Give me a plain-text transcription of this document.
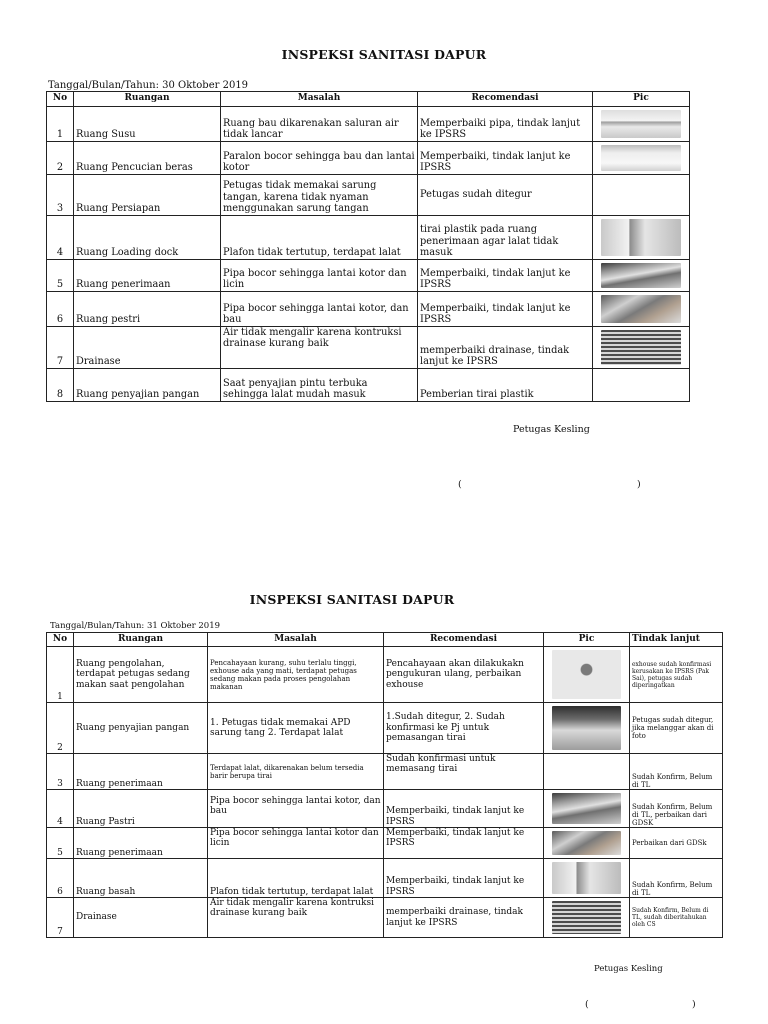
INSPEKSI SANITASI DAPUR
Tanggal/Bulan/Tahun: 30 Oktober 2019
No	Ruangan	Masalah	Recomendasi	Pic
1	Ruang Susu	Ruang bau dikarenakan saluran air tidak lancar	Memperbaiki pipa, tindak lanjut ke IPSRS	

2	Ruang Pencucian beras	Paralon bocor sehingga bau dan lantai kotor	Memperbaiki, tindak lanjut ke IPSRS	

3	Ruang Persiapan	Petugas tidak memakai sarung tangan, karena tidak nyaman menggunakan sarung tangan	Petugas sudah ditegur	
4	Ruang Loading dock	Plafon tidak tertutup, terdapat lalat	tirai plastik pada ruang penerimaan agar lalat tidak masuk	

5	Ruang penerimaan	Pipa bocor sehingga lantai kotor dan licin	Memperbaiki, tindak lanjut ke IPSRS	

6	Ruang pestri	Pipa bocor sehingga lantai kotor, dan bau	Memperbaiki, tindak lanjut ke IPSRS	

7	Drainase	Air tidak mengalir karena kontruksi drainase kurang baik	memperbaiki drainase, tindak lanjut ke IPSRS	

8	Ruang penyajian pangan	Saat penyajian pintu terbuka sehingga lalat mudah masuk	Pemberian tirai plastik	
Petugas Kesling
(	)
INSPEKSI SANITASI DAPUR
Tanggal/Bulan/Tahun: 31 Oktober 2019
No	Ruangan	Masalah	Recomendasi	Pic	Tindak lanjut
1	Ruang pengolahan, terdapat petugas sedang makan saat pengolahan	Pencahayaan kurang, suhu terlalu tinggi, exhouse ada yang mati, terdapat petugas sedang makan pada proses pengolahan makanan	Pencahayaan akan dilakukakn pengukuran ulang, perbaikan exhouse		exhouse sudah konfirmasi kerusakan ke IPSRS (Pak Sai), petugas sudah diperingatkan
2	Ruang penyajian pangan	1. Petugas tidak memakai APD sarung tang 2. Terdapat lalat	1.Sudah ditegur, 2. Sudah konfirmasi ke Pj untuk pemasangan tirai		Petugas sudah ditegur, jika melanggar akan di foto
3	Ruang penerimaan	Terdapat lalat, dikarenakan belum tersedia barir berupa tirai	Sudah konfirmasi untuk memasang tirai		Sudah Konfirm, Belum di TL
4	Ruang Pastri	Pipa bocor sehingga lantai kotor, dan bau	Memperbaiki, tindak lanjut ke IPSRS		Sudah Konfirm, Belum di TL, perbaikan dari GDSK
5	Ruang penerimaan	Pipa bocor sehingga lantai kotor dan licin	Memperbaiki, tindak lanjut ke IPSRS		Perbaikan dari GDSk
6	Ruang basah	Plafon tidak tertutup, terdapat lalat	Memperbaiki, tindak lanjut ke IPSRS		Sudah Konfirm, Belum di TL
7	Drainase	Air tidak mengalir karena kontruksi drainase kurang baik	memperbaiki drainase, tindak lanjut ke IPSRS		Sudah Konfirm, Belum di TL, sudah diberitahukan oleh CS
Petugas Kesling
(	)
